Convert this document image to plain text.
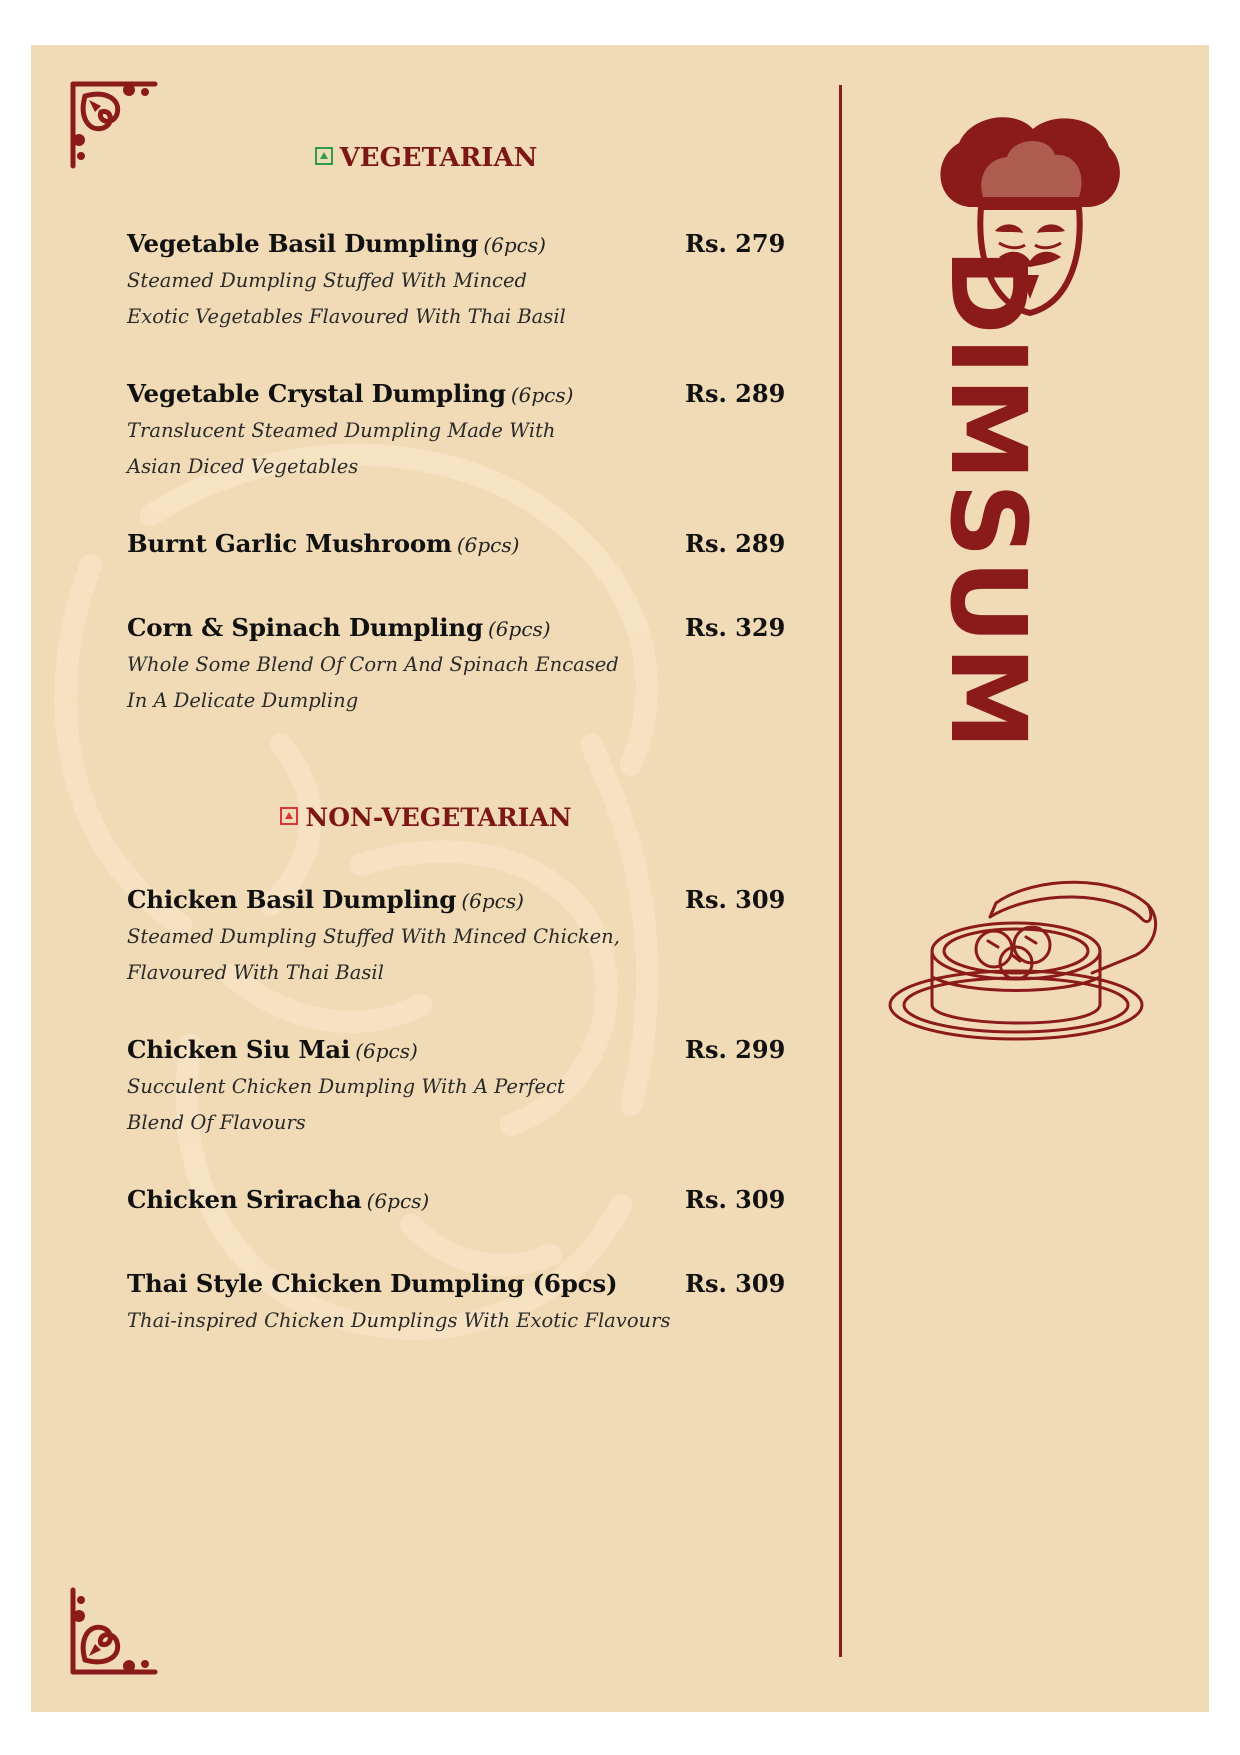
VEGETARIAN
Vegetable Basil Dumpling (6pcs)	Rs. 279
Steamed Dumpling Stuffed With Minced
Exotic Vegetables Flavoured With Thai Basil
Vegetable Crystal Dumpling (6pcs)	Rs. 289
Translucent Steamed Dumpling Made With
Asian Diced Vegetables
Burnt Garlic Mushroom (6pcs)	Rs. 289
Corn & Spinach Dumpling (6pcs)	Rs. 329
Whole Some Blend Of Corn And Spinach Encased
In A Delicate Dumpling
NON-VEGETARIAN
Chicken Basil Dumpling (6pcs)	Rs. 309
Steamed Dumpling Stuffed With Minced Chicken,
Flavoured With Thai Basil
Chicken Siu Mai (6pcs)	Rs. 299
Succulent Chicken Dumpling With A Perfect
Blend Of Flavours
Chicken Sriracha (6pcs)	Rs. 309
Thai Style Chicken Dumpling (6pcs)	Rs. 309
Thai-inspired Chicken Dumplings With Exotic Flavours
DIMSUM
